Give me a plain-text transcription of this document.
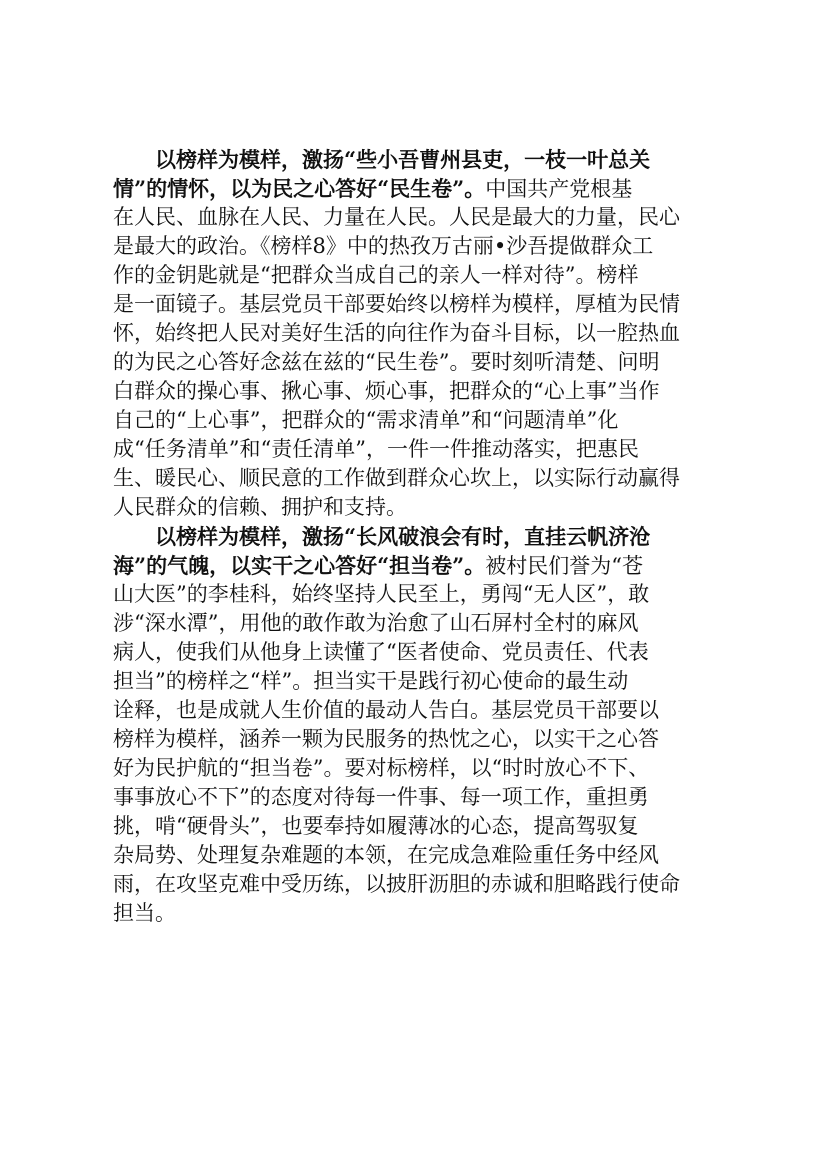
以榜样为模样，激扬“些小吾曹州县吏，一枝一叶总关
情”的情怀，以为民之心答好“民生卷”。中国共产党根基
在人民、血脉在人民、力量在人民。人民是最大的力量，民心
是最大的政治。《榜样8》中的热孜万古丽•沙吾提做群众工
作的金钥匙就是“把群众当成自己的亲人一样对待”。榜样
是一面镜子。基层党员干部要始终以榜样为模样，厚植为民情
怀，始终把人民对美好生活的向往作为奋斗目标，以一腔热血
的为民之心答好念兹在兹的“民生卷”。要时刻听清楚、问明
白群众的操心事、揪心事、烦心事，把群众的“心上事”当作
自己的“上心事”，把群众的“需求清单”和“问题清单”化
成“任务清单”和“责任清单”，一件一件推动落实，把惠民
生、暖民心、顺民意的工作做到群众心坎上，以实际行动赢得
人民群众的信赖、拥护和支持。
以榜样为模样，激扬“长风破浪会有时，直挂云帆济沧
海”的气魄，以实干之心答好“担当卷”。被村民们誉为“苍
山大医”的李桂科，始终坚持人民至上，勇闯“无人区”，敢
涉“深水潭”，用他的敢作敢为治愈了山石屏村全村的麻风
病人，使我们从他身上读懂了“医者使命、党员责任、代表
担当”的榜样之“样”。担当实干是践行初心使命的最生动
诠释，也是成就人生价值的最动人告白。基层党员干部要以
榜样为模样，涵养一颗为民服务的热忱之心，以实干之心答
好为民护航的“担当卷”。要对标榜样，以“时时放心不下、
事事放心不下”的态度对待每一件事、每一项工作，重担勇
挑，啃“硬骨头”，也要奉持如履薄冰的心态，提高驾驭复
杂局势、处理复杂难题的本领，在完成急难险重任务中经风
雨，在攻坚克难中受历练，以披肝沥胆的赤诚和胆略践行使命
担当。
